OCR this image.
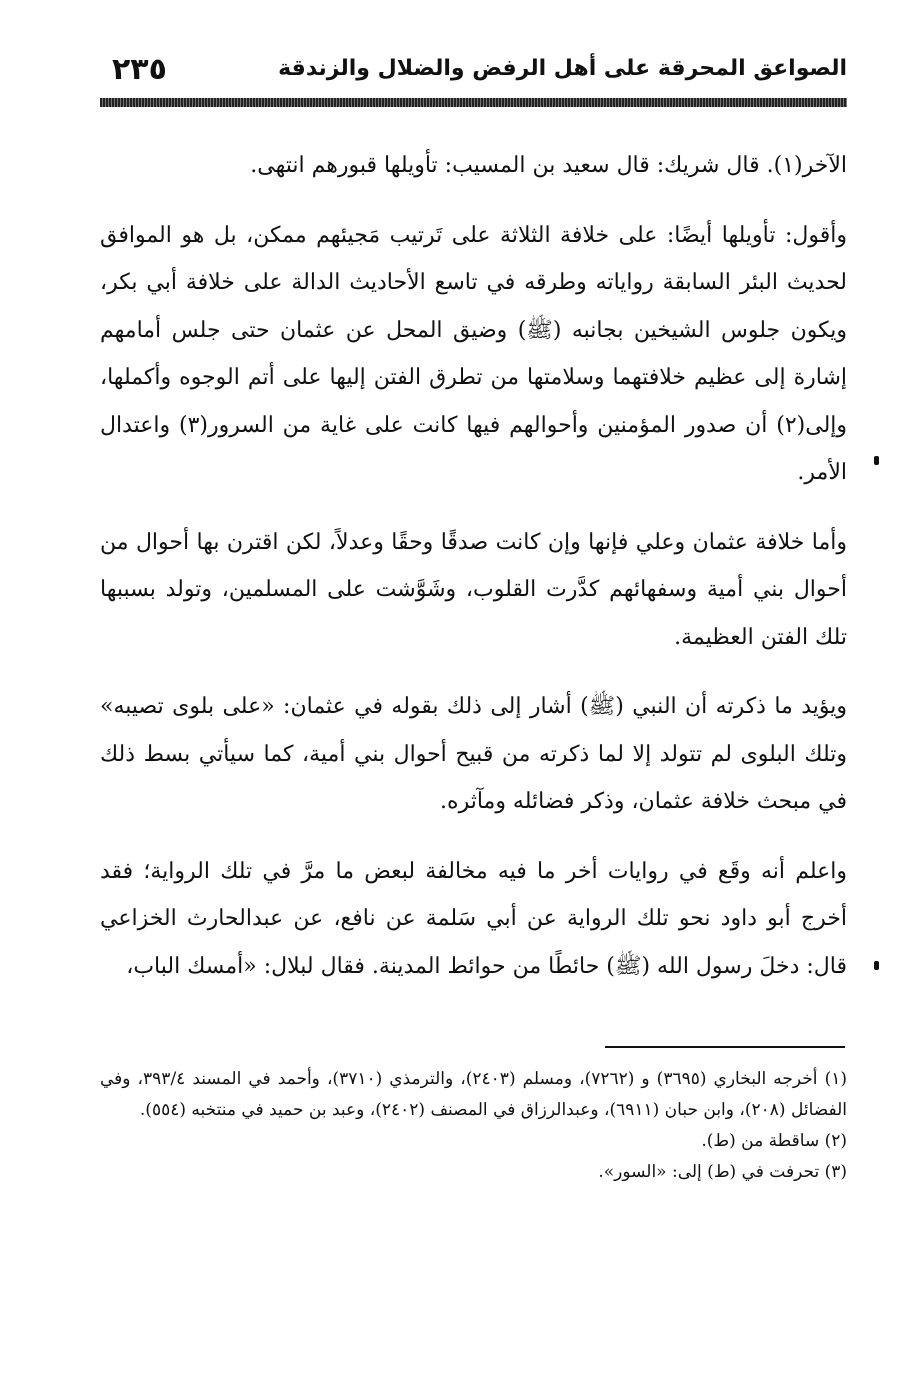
الصواعق المحرقة على أهل الرفض والضلال والزندقة
٢٣٥

الآخر(١). قال شريك: قال سعيد بن المسيب: تأويلها قبورهم انتهى.

وأقول: تأويلها أيضًا: على خلافة الثلاثة على تَرتيب مَجيئهم ممكن، بل هو الموافق لحديث البئر السابقة رواياته وطرقه في تاسع الأحاديث الدالة على خلافة أبي بكر، ويكون جلوس الشيخين بجانبه (ﷺ) وضيق المحل عن عثمان حتى جلس أمامهم إشارة إلى عظيم خلافتهما وسلامتها من تطرق الفتن إليها على أتم الوجوه وأكملها، وإلى(٢) أن صدور المؤمنين وأحوالهم فيها كانت على غاية من السرور(٣) واعتدال الأمر.

وأما خلافة عثمان وعلي فإنها وإن كانت صدقًا وحقًا وعدلاً، لكن اقترن بها أحوال من أحوال بني أمية وسفهائهم كدَّرت القلوب، وشَوَّشت على المسلمين، وتولد بسببها تلك الفتن العظيمة.

ويؤيد ما ذكرته أن النبي (ﷺ) أشار إلى ذلك بقوله في عثمان: «على بلوى تصيبه» وتلك البلوى لم تتولد إلا لما ذكرته من قبيح أحوال بني أمية، كما سيأتي بسط ذلك في مبحث خلافة عثمان، وذكر فضائله ومآثره.

واعلم أنه وقَع في روايات أخر ما فيه مخالفة لبعض ما مرَّ في تلك الرواية؛ فقد أخرج أبو داود نحو تلك الرواية عن أبي سَلمة عن نافع، عن عبدالحارث الخزاعي قال: دخلَ رسول الله (ﷺ) حائطًا من حوائط المدينة. فقال لبلال: «أمسك الباب،

(١) أخرجه البخاري (٣٦٩٥) و (٧٢٦٢)، ومسلم (٢٤٠٣)، والترمذي (٣٧١٠)، وأحمد في المسند ٣٩٣/٤، وفي الفضائل (٢٠٨)، وابن حبان (٦٩١١)، وعبدالرزاق في المصنف (٢٤٠٢)، وعبد بن حميد في منتخبه (٥٥٤).

(٢) ساقطة من (ط).

(٣) تحرفت في (ط) إلى: «السور».
